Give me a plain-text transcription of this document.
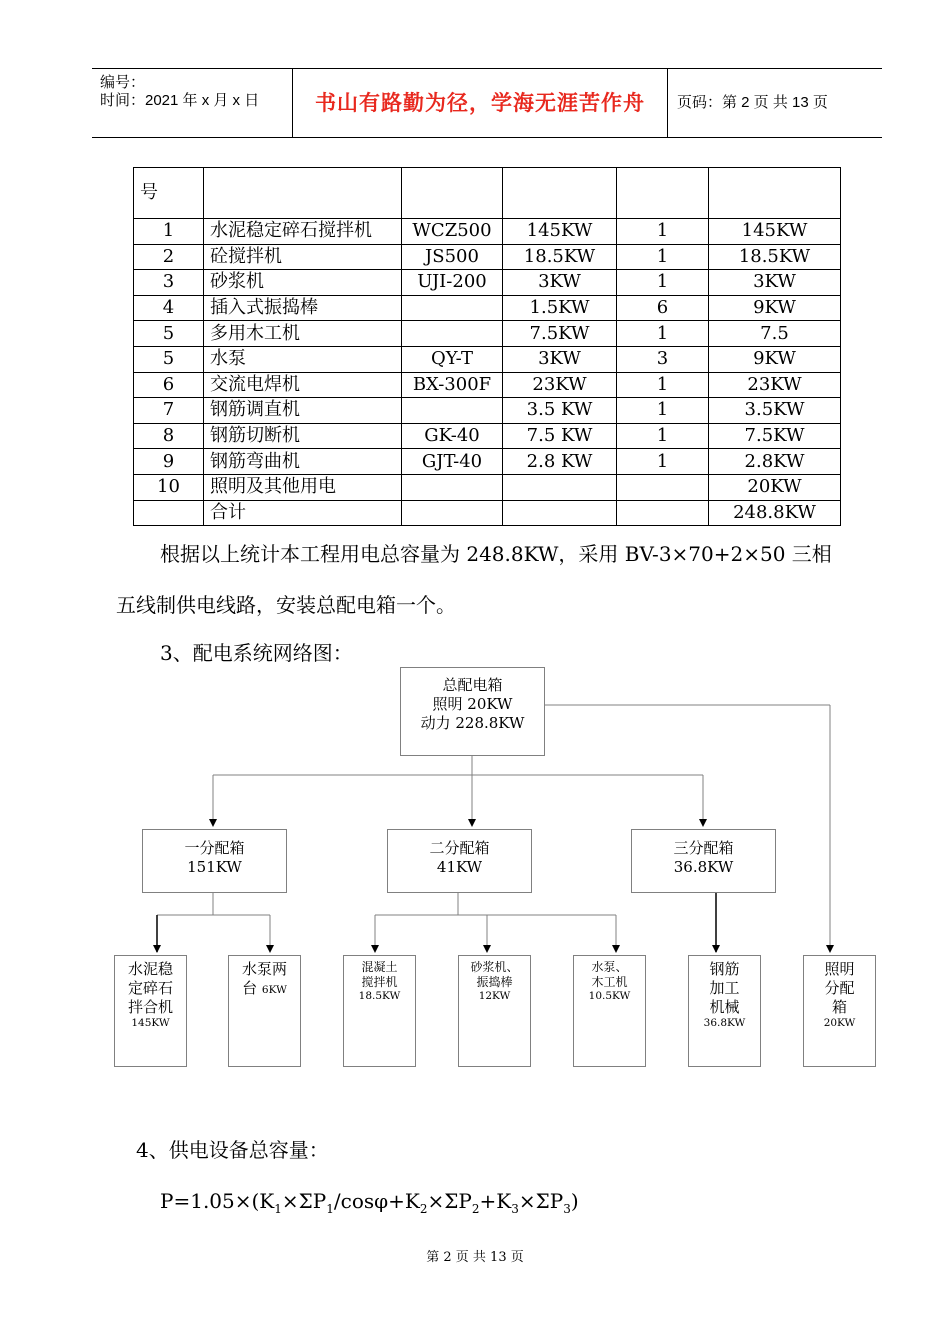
编号：
时间：2021 年 x 月 x 日	书山有路勤为径，学海无涯苦作舟	页码：第 2 页 共 13 页
号					
1	水泥稳定碎石搅拌机	WCZ500	145KW	1	145KW
2	砼搅拌机	JS500	18.5KW	1	18.5KW
3	砂浆机	UJI-200	3KW	1	3KW
4	插入式振捣棒		1.5KW	6	9KW
5	多用木工机		7.5KW	1	7.5
5	水泵	QY-T	3KW	3	9KW
6	交流电焊机	BX-300F	23KW	1	23KW
7	钢筋调直机		3.5 KW	1	3.5KW
8	钢筋切断机	GK-40	7.5 KW	1	7.5KW
9	钢筋弯曲机	GJT-40	2.8 KW	1	2.8KW
10	照明及其他用电				20KW
	合计				248.8KW
根据以上统计本工程用电总容量为 248.8KW，采用 BV-3×70+2×50 三相
五线制供电线路，安装总配电箱一个。
3、配电系统网络图：
总配电箱
照明 20KW
动力 228.8KW
一分配箱
151KW
二分配箱
41KW
三分配箱
36.8KW
水泥稳
定碎石
拌合机
145KW
水泵两
台 6KW
混凝土
搅拌机
18.5KW
砂浆机、
振捣棒
12KW
水泵、
木工机
10.5KW
钢筋
加工
机械
36.8KW
照明
分配
箱
20KW
4、供电设备总容量：
$P=1.05\times(K_1\times\Sigma P_1/\cos\varphi+K_2\times\Sigma P_2+K_3\times\Sigma P_3)$
第 2 页 共 13 页
